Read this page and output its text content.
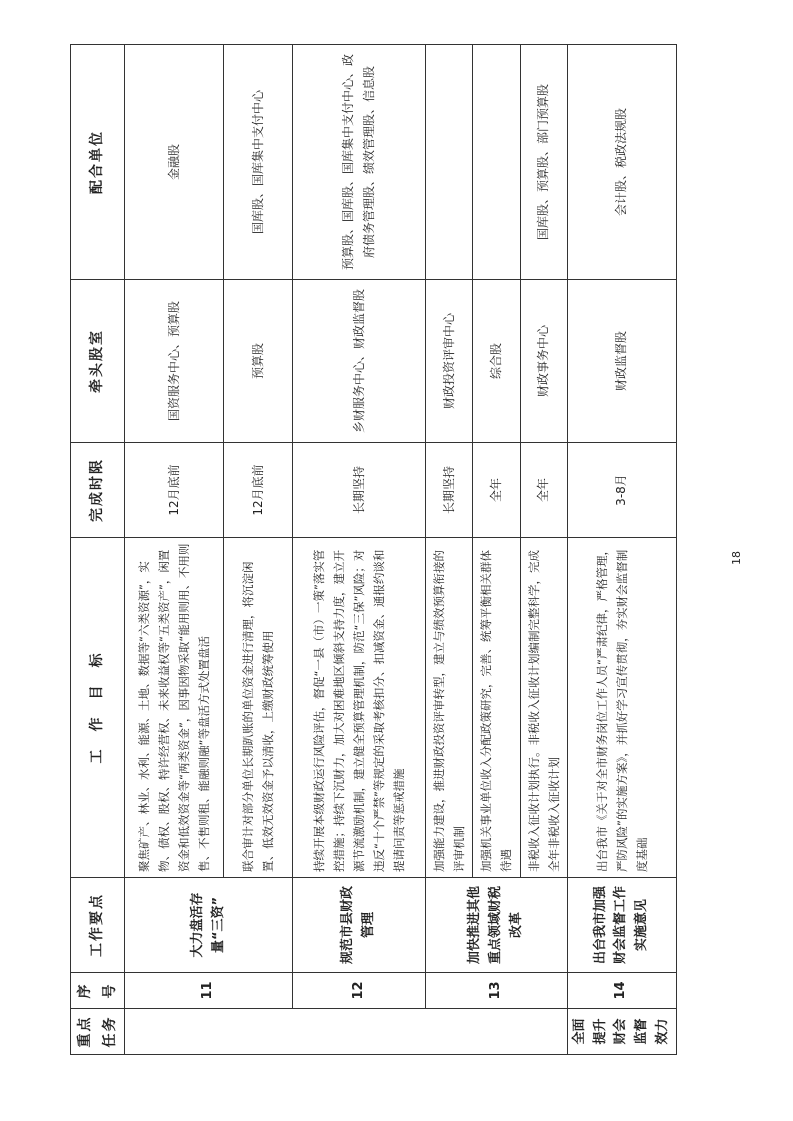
重点任务	序号	工作要点	工　作　目　标	完成时限	牵头股室	配合单位
	11	大力盘活存量“三资”	聚焦矿产、林业、水利、能源、土地、数据等“六类资源”，实物、债权、股权、特许经营权、未来收益权等“五类资产”，闲置资金和低效资金等“两类资金”，因事因物采取“能用则用、不用则售、不售则租、能融则融”等盘活方式处置盘活	12月底前	国资服务中心、预算股	金融股
			联合审计对部分单位长期趴账的单位资金进行清理，将沉淀闲置、低效无效资金予以清收，上缴财政统筹使用	12月底前	预算股	国库股、国库集中支付中心
	12	规范市县财政管理	持续开展本级财政运行风险评估，督促“一县（市）一策”落实管控措施；持续下沉财力，加大对困难地区倾斜支持力度，建立开源节流激励机制，建立健全预算管理机制，防范“三保”风险；对违反“十个严禁”等规定的采取考核扣分、扣减资金、通报约谈和提请问责等惩戒措施	长期坚持	乡财服务中心、财政监督股	预算股、国库股、国库集中支付中心、政府债务管理股、绩效管理股、信息股
	13	加快推进其他重点领域财税改革	加强能力建设，推进财政投资评审转型，建立与绩效预算衔接的评审机制	长期坚持	财政投资评审中心	
			加强机关事业单位收入分配政策研究，完善、统筹平衡相关群体待遇	全年	综合股	
			非税收入征收计划执行。非税收入征收计划编制完整科学，完成全年非税收入征收计划	全年	财政事务中心	国库股、预算股、部门预算股
全面提升财会监督效力	14	出台我市加强财会监督工作实施意见	出台我市《关于对全市财务岗位工作人员“严肃纪律，严格管理，严防风险”的实施方案》，并抓好学习宣传贯彻，夯实财会监督制度基础	3-8月	财政监督股	会计股、税政法规股
18
